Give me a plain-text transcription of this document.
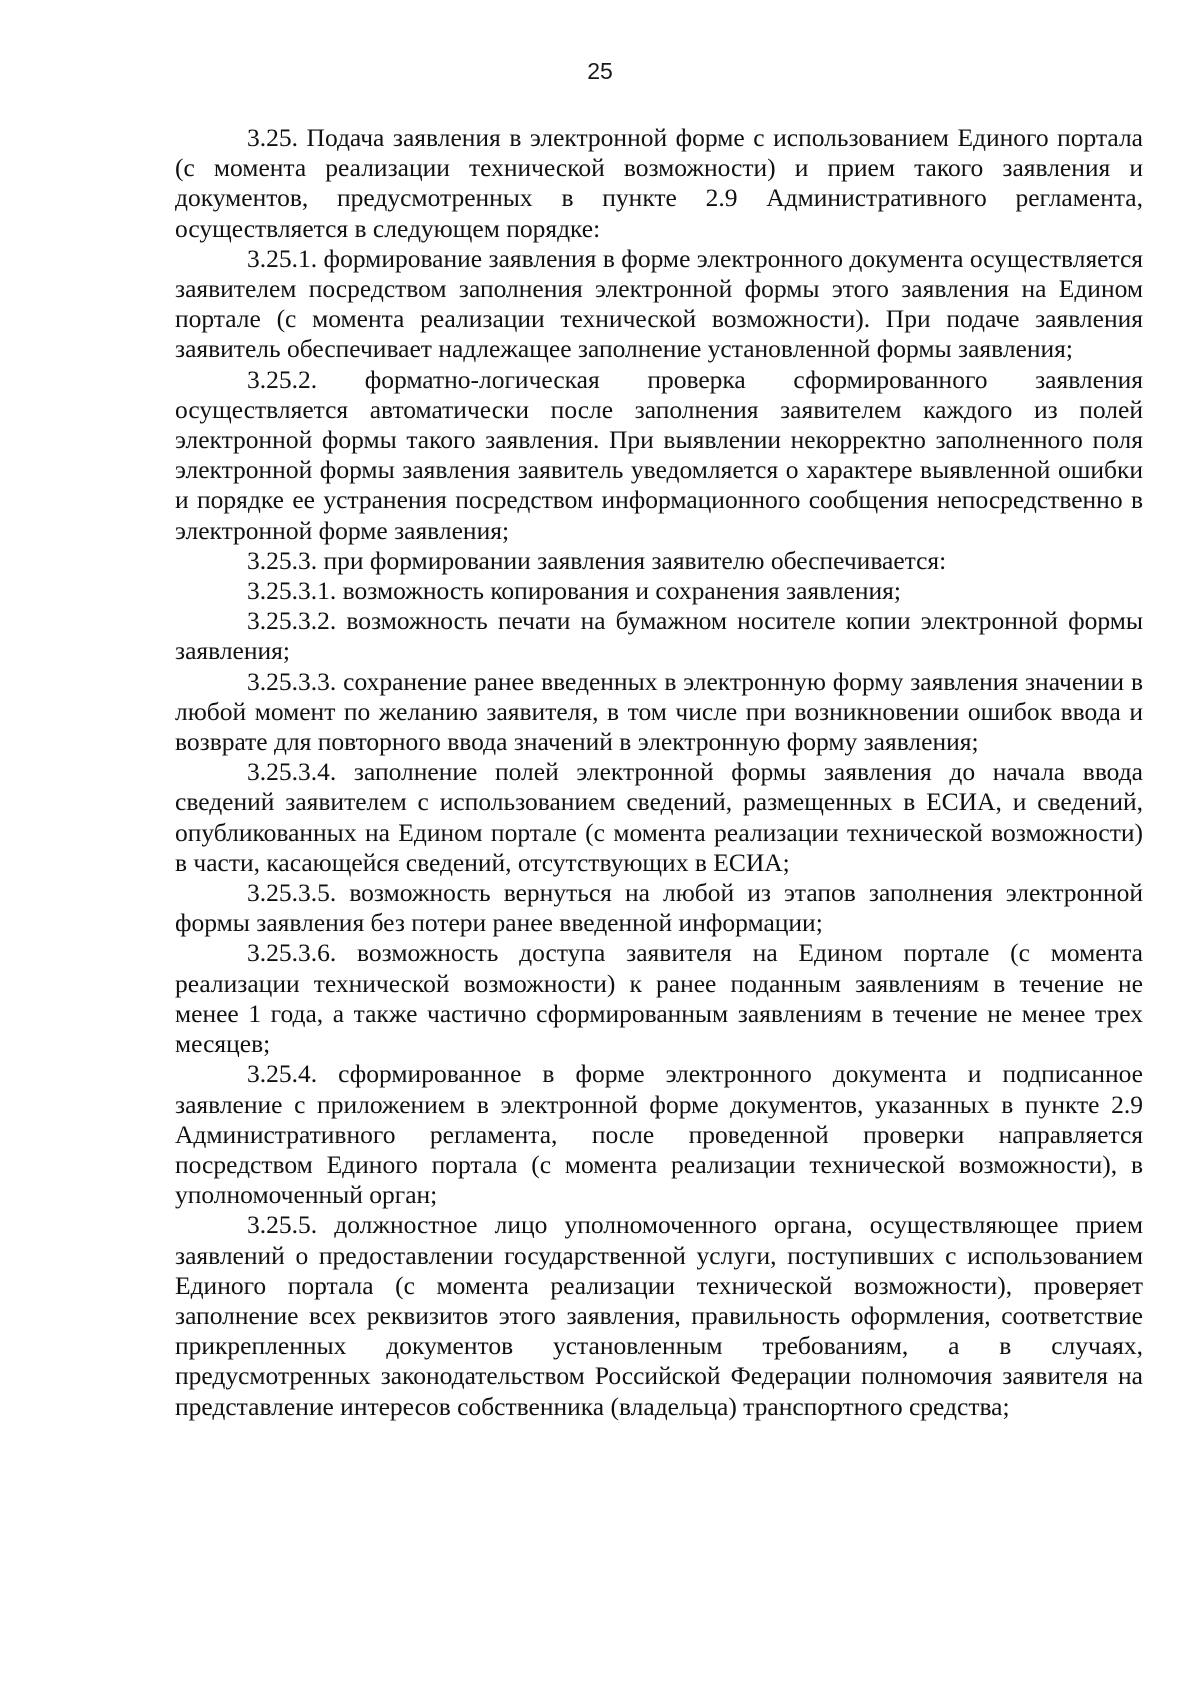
25

3.25. Подача заявления в электронной форме с использованием Единого портала (с момента реализации технической возможности) и прием такого заявления и документов, предусмотренных в пункте 2.9 Административного регламента, осуществляется в следующем порядке:

3.25.1. формирование заявления в форме электронного документа осуществляется заявителем посредством заполнения электронной формы этого заявления на Едином портале (с момента реализации технической возможности). При подаче заявления заявитель обеспечивает надлежащее заполнение установленной формы заявления;

3.25.2. форматно-логическая проверка сформированного заявления осуществляется автоматически после заполнения заявителем каждого из полей электронной формы такого заявления. При выявлении некорректно заполненного поля электронной формы заявления заявитель уведомляется о характере выявленной ошибки и порядке ее устранения посредством информационного сообщения непосредственно в электронной форме заявления;

3.25.3. при формировании заявления заявителю обеспечивается:

3.25.3.1. возможность копирования и сохранения заявления;

3.25.3.2. возможность печати на бумажном носителе копии электронной формы заявления;

3.25.3.3. сохранение ранее введенных в электронную форму заявления значении в любой момент по желанию заявителя, в том числе при возникновении ошибок ввода и возврате для повторного ввода значений в электронную форму заявления;

3.25.3.4. заполнение полей электронной формы заявления до начала ввода сведений заявителем с использованием сведений, размещенных в ЕСИА, и сведений, опубликованных на Едином портале (с момента реализации технической возможности) в части, касающейся сведений, отсутствующих в ЕСИА;

3.25.3.5. возможность вернуться на любой из этапов заполнения электронной формы заявления без потери ранее введенной информации;

3.25.3.6. возможность доступа заявителя на Едином портале (с момента реализации технической возможности) к ранее поданным заявлениям в течение не менее 1 года, а также частично сформированным заявлениям в течение не менее трех месяцев;

3.25.4. сформированное в форме электронного документа и подписанное заявление с приложением в электронной форме документов, указанных в пункте 2.9 Административного регламента, после проведенной проверки направляется посредством Единого портала (с момента реализации технической возможности), в уполномоченный орган;

3.25.5. должностное лицо уполномоченного органа, осуществляющее прием заявлений о предоставлении государственной услуги, поступивших с использованием Единого портала (с момента реализации технической возможности), проверяет заполнение всех реквизитов этого заявления, правильность оформления, соответствие прикрепленных документов установленным требованиям, а в случаях, предусмотренных законодательством Российской Федерации полномочия заявителя на представление интересов собственника (владельца) транспортного средства;
